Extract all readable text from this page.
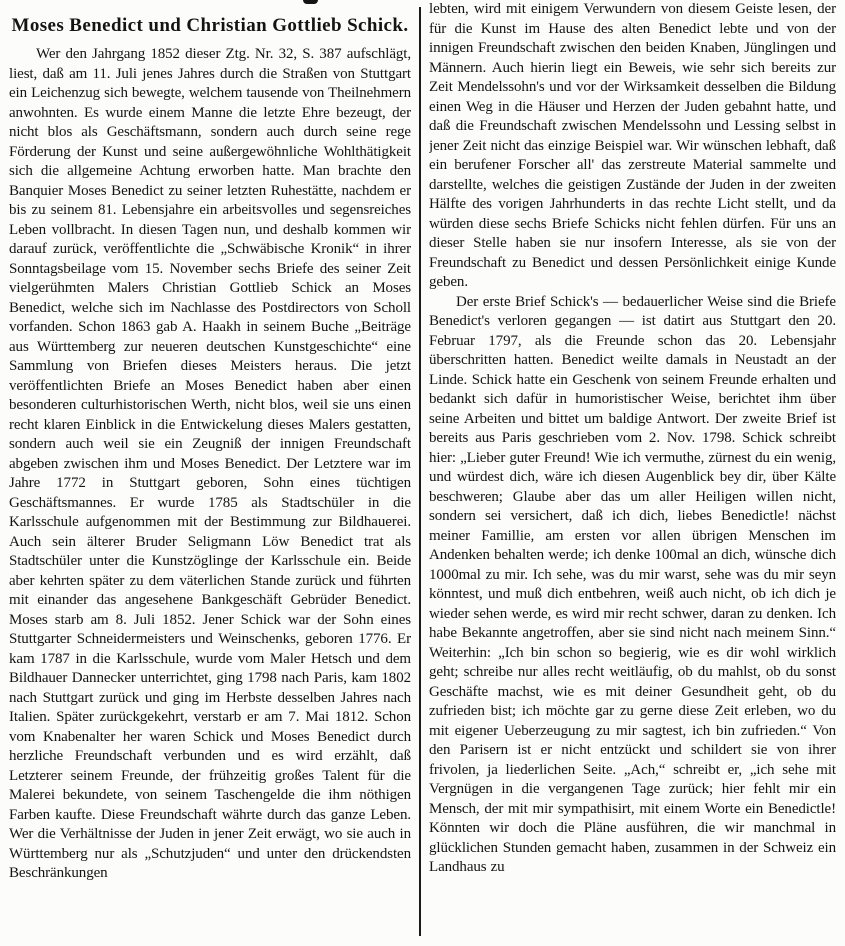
Moses Benedict und Christian Gottlieb Schick.

Wer den Jahrgang 1852 dieser Ztg. Nr. 32, S. 387 aufschlägt, liest, daß am 11. Juli jenes Jahres durch die Straßen von Stuttgart ein Leichenzug sich bewegte, welchem tausende von Theilnehmern anwohnten. Es wurde einem Manne die letzte Ehre bezeugt, der nicht blos als Geschäftsmann, sondern auch durch seine rege Förderung der Kunst und seine außergewöhnliche Wohlthätigkeit sich die allgemeine Achtung erworben hatte. Man brachte den Banquier Moses Benedict zu seiner letzten Ruhestätte, nachdem er bis zu seinem 81. Lebensjahre ein arbeitsvolles und segensreiches Leben vollbracht. In diesen Tagen nun, und deshalb kommen wir darauf zurück, veröffentlichte die „Schwäbische Kronik“ in ihrer Sonntagsbeilage vom 15. November sechs Briefe des seiner Zeit vielgerühmten Malers Christian Gottlieb Schick an Moses Benedict, welche sich im Nachlasse des Postdirectors von Scholl vorfanden. Schon 1863 gab A. Haakh in seinem Buche „Beiträge aus Württemberg zur neueren deutschen Kunstgeschichte“ eine Sammlung von Briefen dieses Meisters heraus. Die jetzt veröffentlichten Briefe an Moses Benedict haben aber einen besonderen culturhistorischen Werth, nicht blos, weil sie uns einen recht klaren Einblick in die Entwickelung dieses Malers gestatten, sondern auch weil sie ein Zeugniß der innigen Freundschaft abgeben zwischen ihm und Moses Benedict. Der Letztere war im Jahre 1772 in Stuttgart geboren, Sohn eines tüchtigen Geschäftsmannes. Er wurde 1785 als Stadtschüler in die Karlsschule aufgenommen mit der Bestimmung zur Bildhauerei. Auch sein älterer Bruder Seligmann Löw Benedict trat als Stadtschüler unter die Kunstzöglinge der Karlsschule ein. Beide aber kehrten später zu dem väterlichen Stande zurück und führten mit einander das angesehene Bankgeschäft Gebrüder Benedict. Moses starb am 8. Juli 1852. Jener Schick war der Sohn eines Stuttgarter Schneidermeisters und Weinschenks, geboren 1776. Er kam 1787 in die Karlsschule, wurde vom Maler Hetsch und dem Bildhauer Dannecker unterrichtet, ging 1798 nach Paris, kam 1802 nach Stuttgart zurück und ging im Herbste desselben Jahres nach Italien. Später zurückgekehrt, verstarb er am 7. Mai 1812. Schon vom Knabenalter her waren Schick und Moses Benedict durch herzliche Freundschaft verbunden und es wird erzählt, daß Letzterer seinem Freunde, der frühzeitig großes Talent für die Malerei bekundete, von seinem Taschengelde die ihm nöthigen Farben kaufte. Diese Freundschaft währte durch das ganze Leben. Wer die Verhältnisse der Juden in jener Zeit erwägt, wo sie auch in Württemberg nur als „Schutzjuden“ und unter den drückendsten Beschränkungen

lebten, wird mit einigem Verwundern von diesem Geiste lesen, der für die Kunst im Hause des alten Benedict lebte und von der innigen Freundschaft zwischen den beiden Knaben, Jünglingen und Männern. Auch hierin liegt ein Beweis, wie sehr sich bereits zur Zeit Mendelssohn's und vor der Wirksamkeit desselben die Bildung einen Weg in die Häuser und Herzen der Juden gebahnt hatte, und daß die Freundschaft zwischen Mendelssohn und Lessing selbst in jener Zeit nicht das einzige Beispiel war. Wir wünschen lebhaft, daß ein berufener Forscher all' das zerstreute Material sammelte und darstellte, welches die geistigen Zustände der Juden in der zweiten Hälfte des vorigen Jahrhunderts in das rechte Licht stellt, und da würden diese sechs Briefe Schicks nicht fehlen dürfen. Für uns an dieser Stelle haben sie nur insofern Interesse, als sie von der Freundschaft zu Benedict und dessen Persönlichkeit einige Kunde geben.

Der erste Brief Schick's — bedauerlicher Weise sind die Briefe Benedict's verloren gegangen — ist datirt aus Stuttgart den 20. Februar 1797, als die Freunde schon das 20. Lebensjahr überschritten hatten. Benedict weilte damals in Neustadt an der Linde. Schick hatte ein Geschenk von seinem Freunde erhalten und bedankt sich dafür in humoristischer Weise, berichtet ihm über seine Arbeiten und bittet um baldige Antwort. Der zweite Brief ist bereits aus Paris geschrieben vom 2. Nov. 1798. Schick schreibt hier: „Lieber guter Freund! Wie ich vermuthe, zürnest du ein wenig, und würdest dich, wäre ich diesen Augenblick bey dir, über Kälte beschweren; Glaube aber das um aller Heiligen willen nicht, sondern sei versichert, daß ich dich, liebes Benedictle! nächst meiner Famillie, am ersten vor allen übrigen Menschen im Andenken behalten werde; ich denke 100mal an dich, wünsche dich 1000mal zu mir. Ich sehe, was du mir warst, sehe was du mir seyn könntest, und muß dich entbehren, weiß auch nicht, ob ich dich je wieder sehen werde, es wird mir recht schwer, daran zu denken. Ich habe Bekannte angetroffen, aber sie sind nicht nach meinem Sinn.“ Weiterhin: „Ich bin schon so begierig, wie es dir wohl wirklich geht; schreibe nur alles recht weitläufig, ob du mahlst, ob du sonst Geschäfte machst, wie es mit deiner Gesundheit geht, ob du zufrieden bist; ich möchte gar zu gerne diese Zeit erleben, wo du mit eigener Ueberzeugung zu mir sagtest, ich bin zufrieden.“ Von den Parisern ist er nicht entzückt und schildert sie von ihrer frivolen, ja liederlichen Seite. „Ach,“ schreibt er, „ich sehe mit Vergnügen in die vergangenen Tage zurück; hier fehlt mir ein Mensch, der mit mir sympathisirt, mit einem Worte ein Benedictle! Könnten wir doch die Pläne ausführen, die wir manchmal in glücklichen Stunden gemacht haben, zusammen in der Schweiz ein Landhaus zu
